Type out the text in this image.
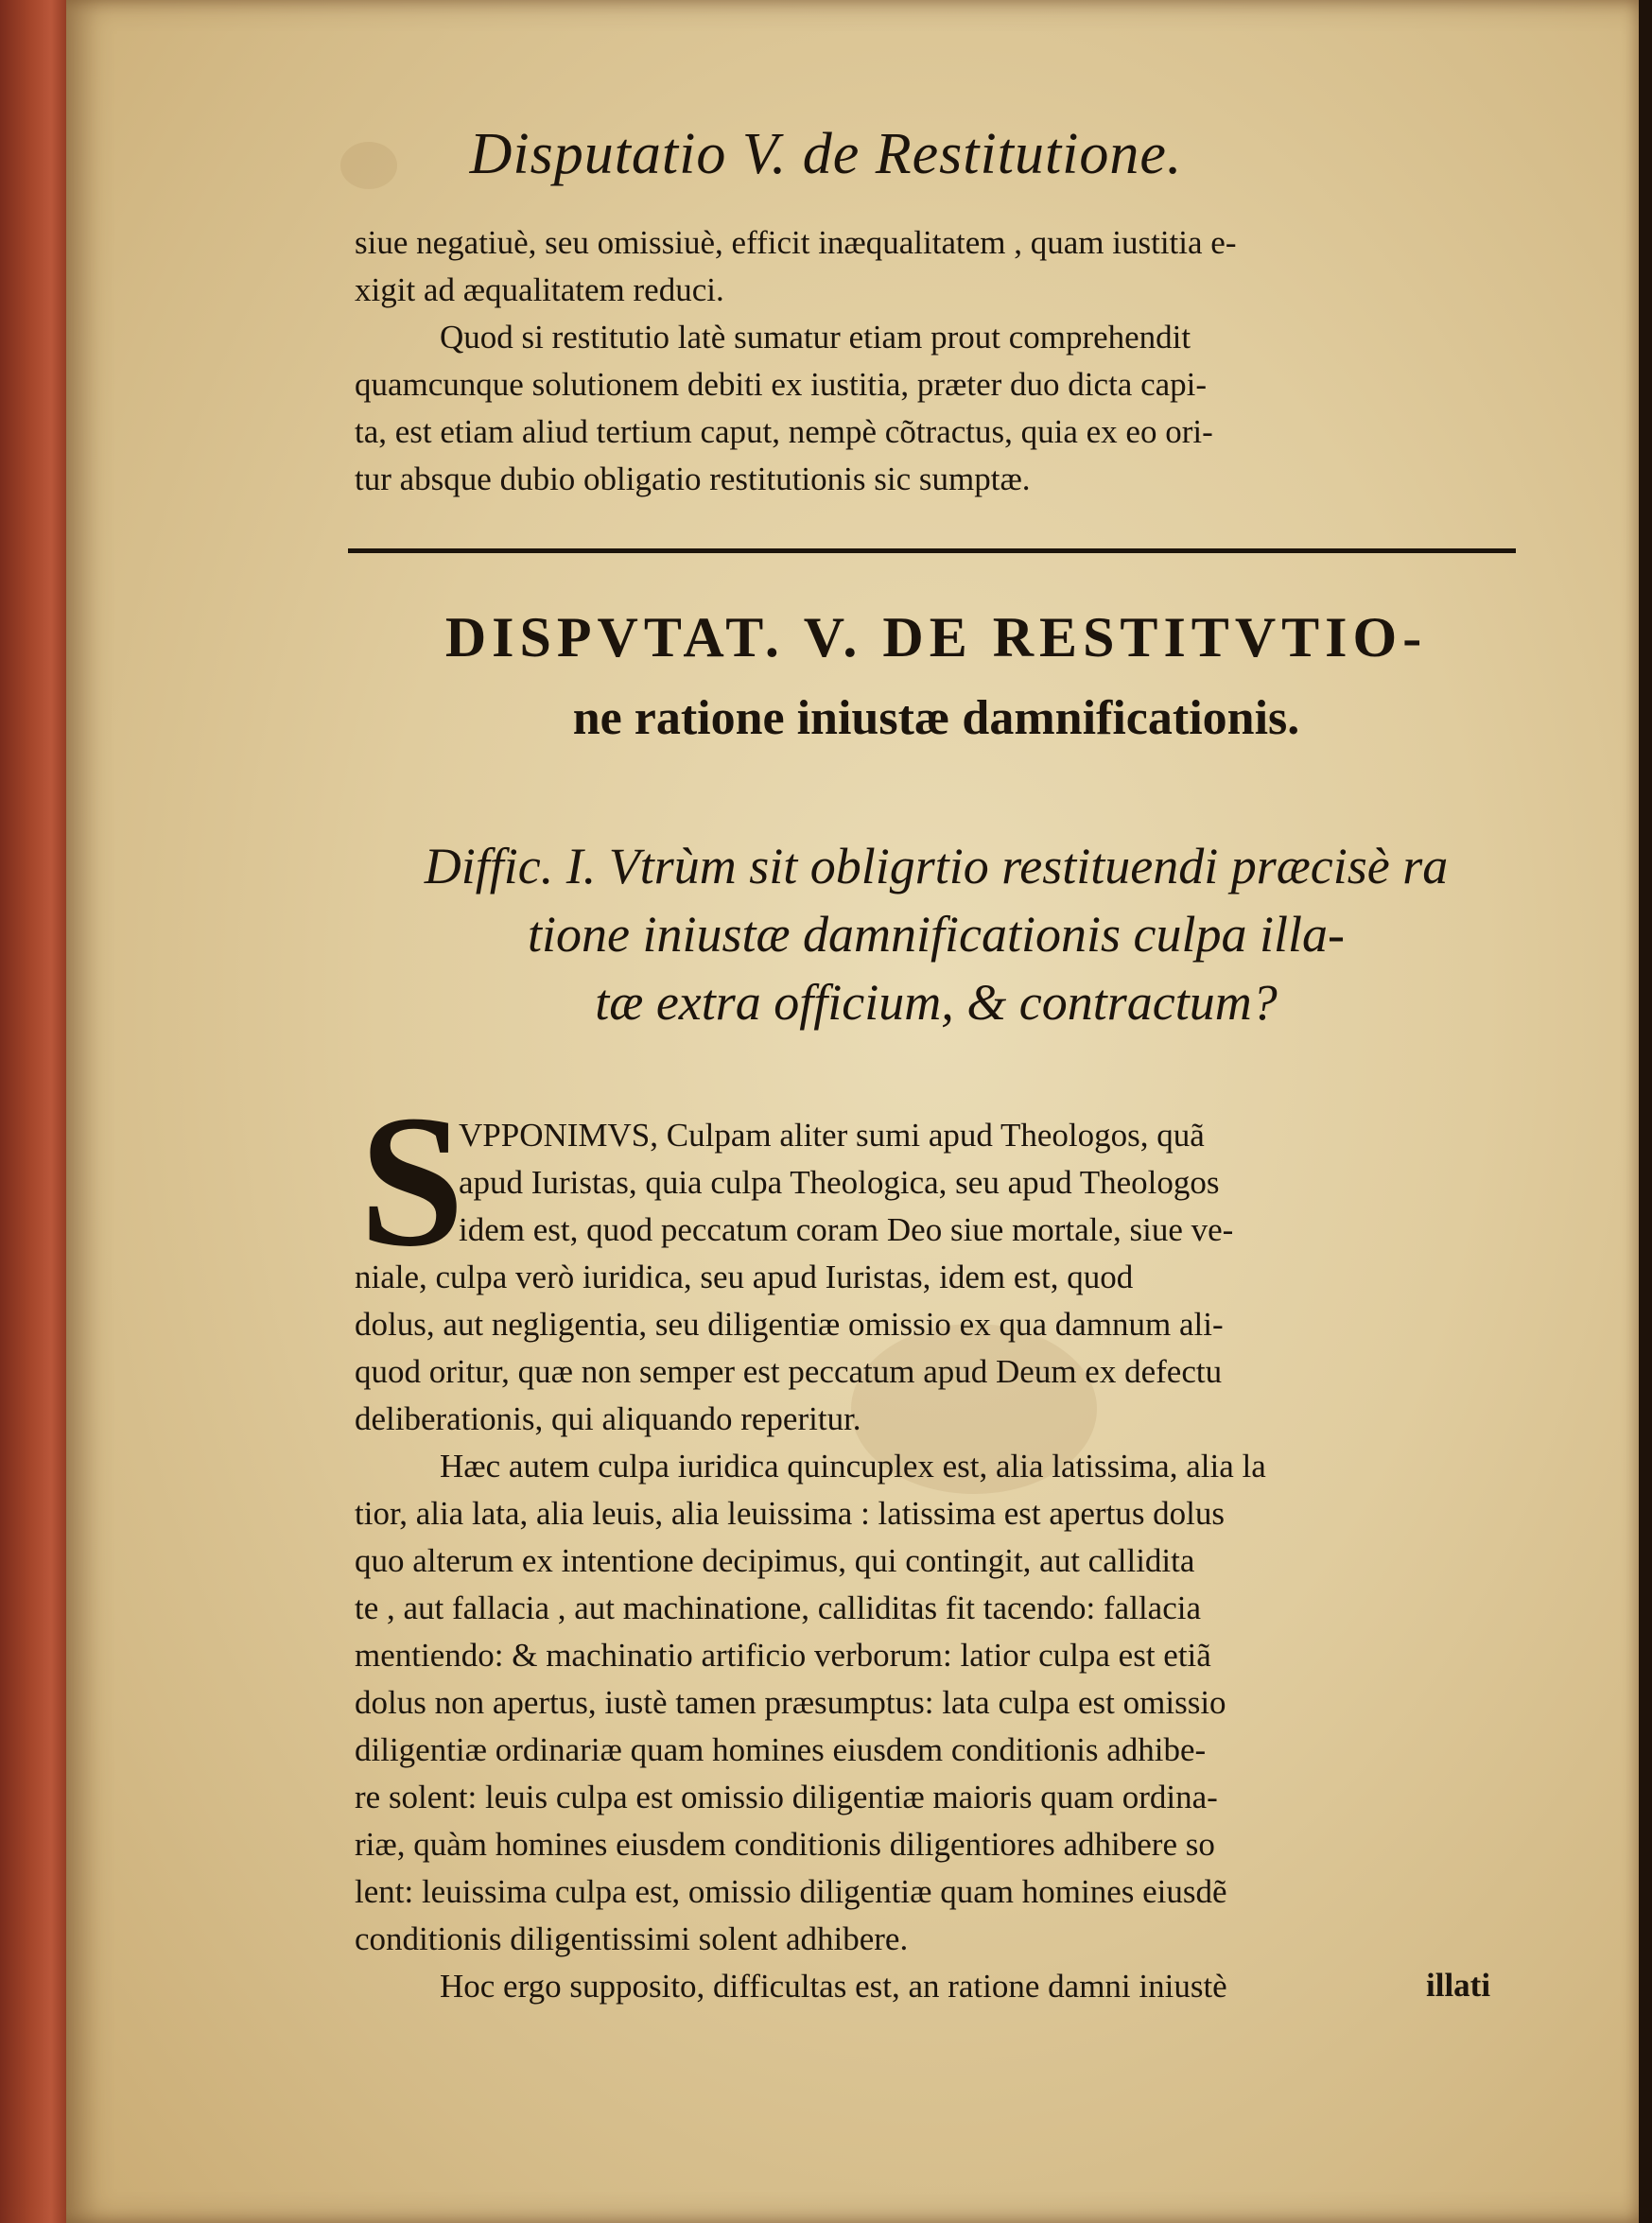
Disputatio V. de Restitutione.
siue negatiuè, seu omissiuè, efficit inæqualitatem , quam iustitia e-
xigit ad æqualitatem reduci.
Quod si restitutio latè sumatur etiam prout comprehendit
quamcunque solutionem debiti ex iustitia, præter duo dicta capi-
ta, est etiam aliud tertium caput, nempè cõtractus, quia ex eo ori-
tur absque dubio obligatio restitutionis sic sumptæ.
DISPVTAT. V. DE RESTITVTIO-
ne ratione iniustæ damnificationis.
Diffic. I. Vtrùm sit obligrtio restituendi præcisè ra
tione iniustæ damnificationis culpa illa-
tæ extra officium, & contractum?
S
VPPONIMVS, Culpam aliter sumi apud Theologos, quã
apud Iuristas, quia culpa Theologica, seu apud Theologos
idem est, quod peccatum coram Deo siue mortale, siue ve-
niale, culpa verò iuridica, seu apud Iuristas, idem est, quod
dolus, aut negligentia, seu diligentiæ omissio ex qua damnum ali-
quod oritur, quæ non semper est peccatum apud Deum ex defectu
deliberationis, qui aliquando reperitur.
Hæc autem culpa iuridica quincuplex est, alia latissima, alia la
tior, alia lata, alia leuis, alia leuissima : latissima est apertus dolus
quo alterum ex intentione decipimus, qui contingit, aut callidita
te , aut fallacia , aut machinatione, calliditas fit tacendo: fallacia
mentiendo: & machinatio artificio verborum: latior culpa est etiã
dolus non apertus, iustè tamen præsumptus: lata culpa est omissio
diligentiæ ordinariæ quam homines eiusdem conditionis adhibe-
re solent: leuis culpa est omissio diligentiæ maioris quam ordina-
riæ, quàm homines eiusdem conditionis diligentiores adhibere so
lent: leuissima culpa est, omissio diligentiæ quam homines eiusdẽ
conditionis diligentissimi solent adhibere.
Hoc ergo supposito, difficultas est, an ratione damni iniustè	illati
